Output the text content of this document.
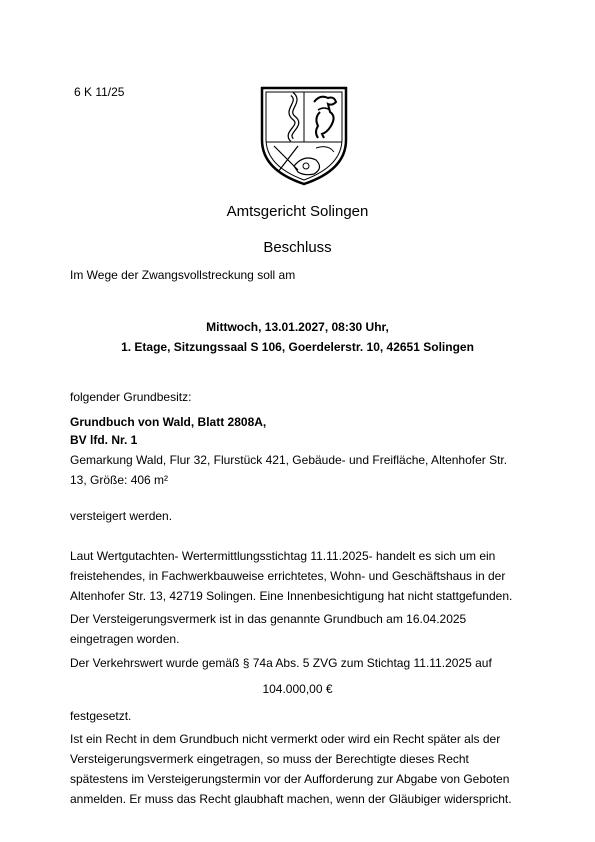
6 K 11/25

Amtsgericht Solingen

Beschluss

Im Wege der Zwangsvollstreckung soll am

Mittwoch, 13.01.2027, 08:30 Uhr,

1. Etage, Sitzungssaal S 106, Goerdelerstr. 10, 42651 Solingen

folgender Grundbesitz:

Grundbuch von Wald, Blatt 2808A,

BV lfd. Nr. 1

Gemarkung Wald, Flur 32, Flurstück 421, Gebäude- und Freifläche, Altenhofer Str.
13, Größe: 406 m²

versteigert werden.

Laut Wertgutachten- Wertermittlungsstichtag 11.11.2025- handelt es sich um ein
freistehendes, in Fachwerkbauweise errichtetes, Wohn- und Geschäftshaus in der
Altenhofer Str. 13, 42719 Solingen. Eine Innenbesichtigung hat nicht stattgefunden.
Der Versteigerungsvermerk ist in das genannte Grundbuch am 16.04.2025
eingetragen worden.

Der Verkehrswert wurde gemäß § 74a Abs. 5 ZVG zum Stichtag 11.11.2025 auf

104.000,00 €

festgesetzt.

Ist ein Recht in dem Grundbuch nicht vermerkt oder wird ein Recht später als der
Versteigerungsvermerk eingetragen, so muss der Berechtigte dieses Recht
spätestens im Versteigerungstermin vor der Aufforderung zur Abgabe von Geboten
anmelden. Er muss das Recht glaubhaft machen, wenn der Gläubiger widerspricht.
